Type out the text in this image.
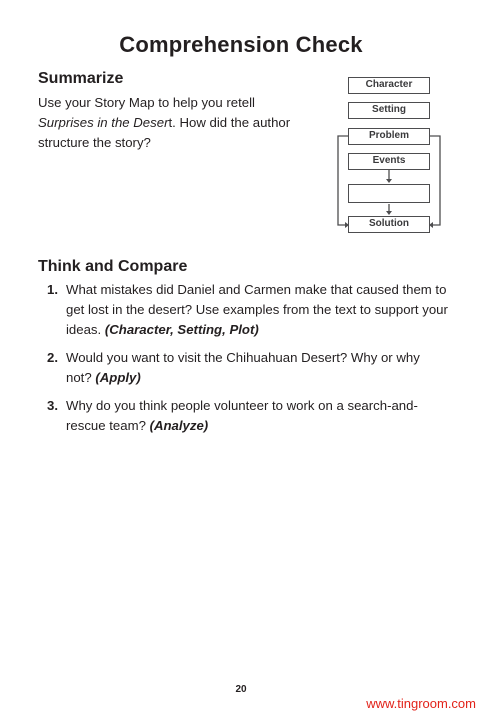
Comprehension Check
Summarize
Use your Story Map to help you retell Surprises in the Desert. How did the author structure the story?
Character
Setting
Problem
Events
Solution
Think and Compare
1. What mistakes did Daniel and Carmen make that caused them to get lost in the desert? Use examples from the text to support your ideas. (Character, Setting, Plot)
2. Would you want to visit the Chihuahuan Desert? Why or why not? (Apply)
3. Why do you think people volunteer to work on a search-and-rescue team? (Analyze)
20
www.tingroom.com
